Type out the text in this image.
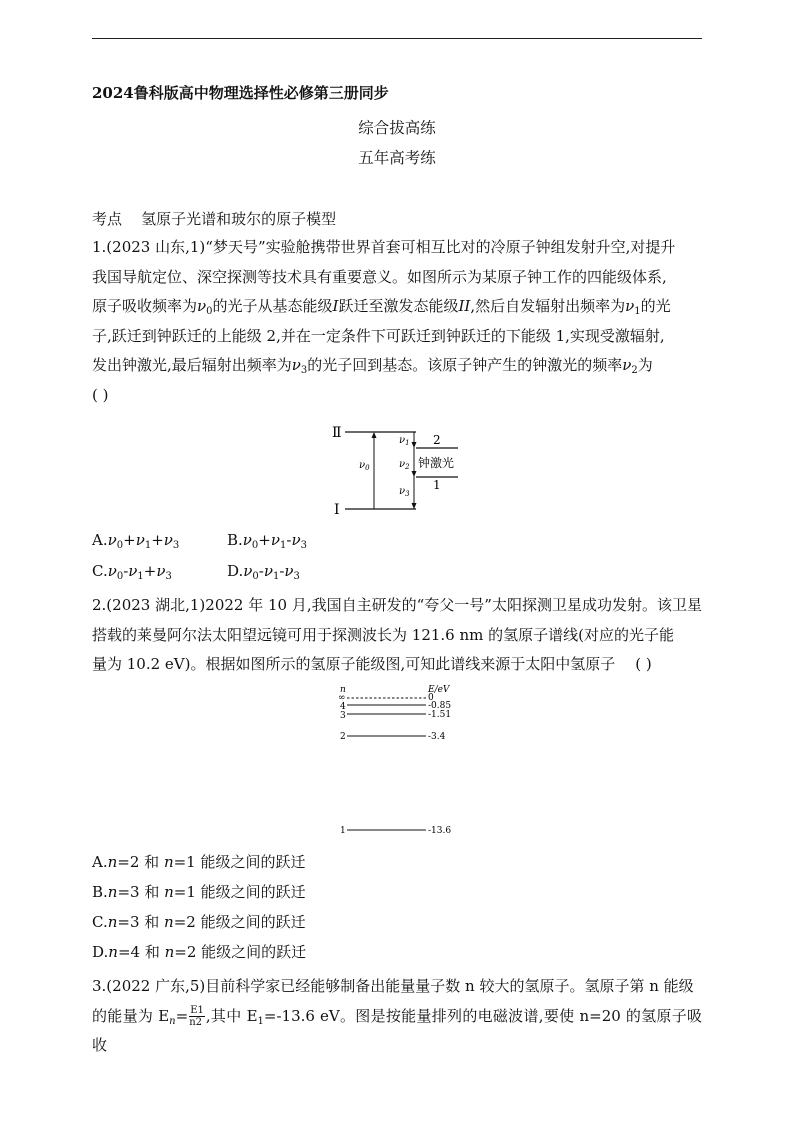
2024鲁科版高中物理选择性必修第三册同步
综合拔高练
五年高考练
考点 氢原子光谱和玻尔的原子模型

1.(2023 山东,1)“梦天号”实验舱携带世界首套可相互比对的冷原子钟组发射升空,对提升

我国导航定位、深空探测等技术具有重要意义。如图所示为某原子钟工作的四能级体系,

原子吸收频率为$\nu_0$的光子从基态能级I跃迁至激发态能级II,然后自发辐射出频率为$\nu_1$的光

子,跃迁到钟跃迁的上能级 2,并在一定条件下可跃迁到钟跃迁的下能级 1,实现受激辐射,

发出钟激光,最后辐射出频率为$\nu_3$的光子回到基态。该原子钟产生的钟激光的频率$\nu_2$为

( )

Ⅱ
I
2
1
$\nu_0$
$\nu_1$
$\nu_2$
$\nu_3$
钟激光
$A.\nu_0+\nu_1+\nu_3$	$B.\nu_0+\nu_1-\nu_3$
$C.\nu_0-\nu_1+\nu_3$	$D.\nu_0-\nu_1-\nu_3$

2.(2023 湖北,1)2022 年 10 月,我国自主研发的“夸父一号”太阳探测卫星成功发射。该卫星

搭载的莱曼阿尔法太阳望远镜可用于探测波长为 121.6 nm 的氢原子谱线(对应的光子能

量为 10.2 eV)。根据如图所示的氢原子能级图,可知此谱线来源于太阳中氢原子 ( )

n	E/eV
∞	0
4	-0.85
3	-1.51
2	-3.4
1	-13.6
A.n=2 和 n=1 能级之间的跃迁
B.n=3 和 n=1 能级之间的跃迁
C.n=3 和 n=2 能级之间的跃迁
D.n=4 和 n=2 能级之间的跃迁

3.(2022 广东,5)目前科学家已经能够制备出能量量子数 n 较大的氢原子。氢原子第 n 能级

的能量为 $E_n= \frac{E1}{n2}$ ,其中 $E_1=-13.6$ eV。图是按能量排列的电磁波谱,要使 n=20 的氢原子吸收
